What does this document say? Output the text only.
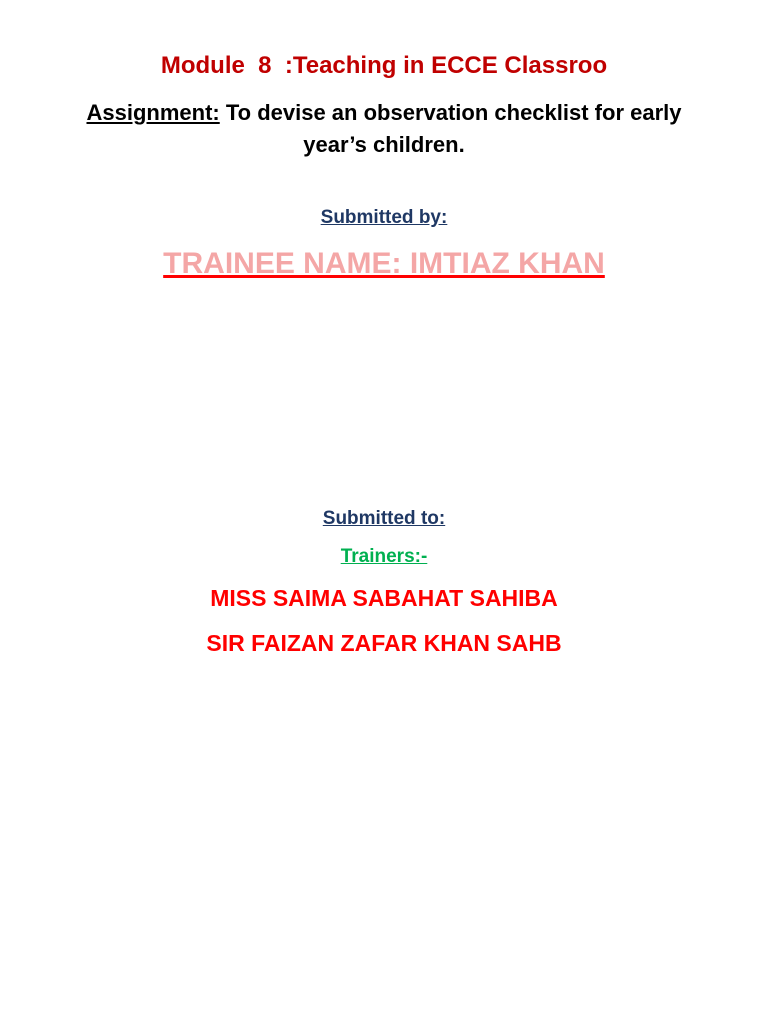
Module  8  :Teaching in ECCE Classroo
Assignment: To devise an observation checklist for early year’s children.
Submitted by:
TRAINEE NAME: IMTIAZ KHAN
Submitted to:
Trainers:-
MISS SAIMA SABAHAT SAHIBA
SIR FAIZAN ZAFAR KHAN SAHB
